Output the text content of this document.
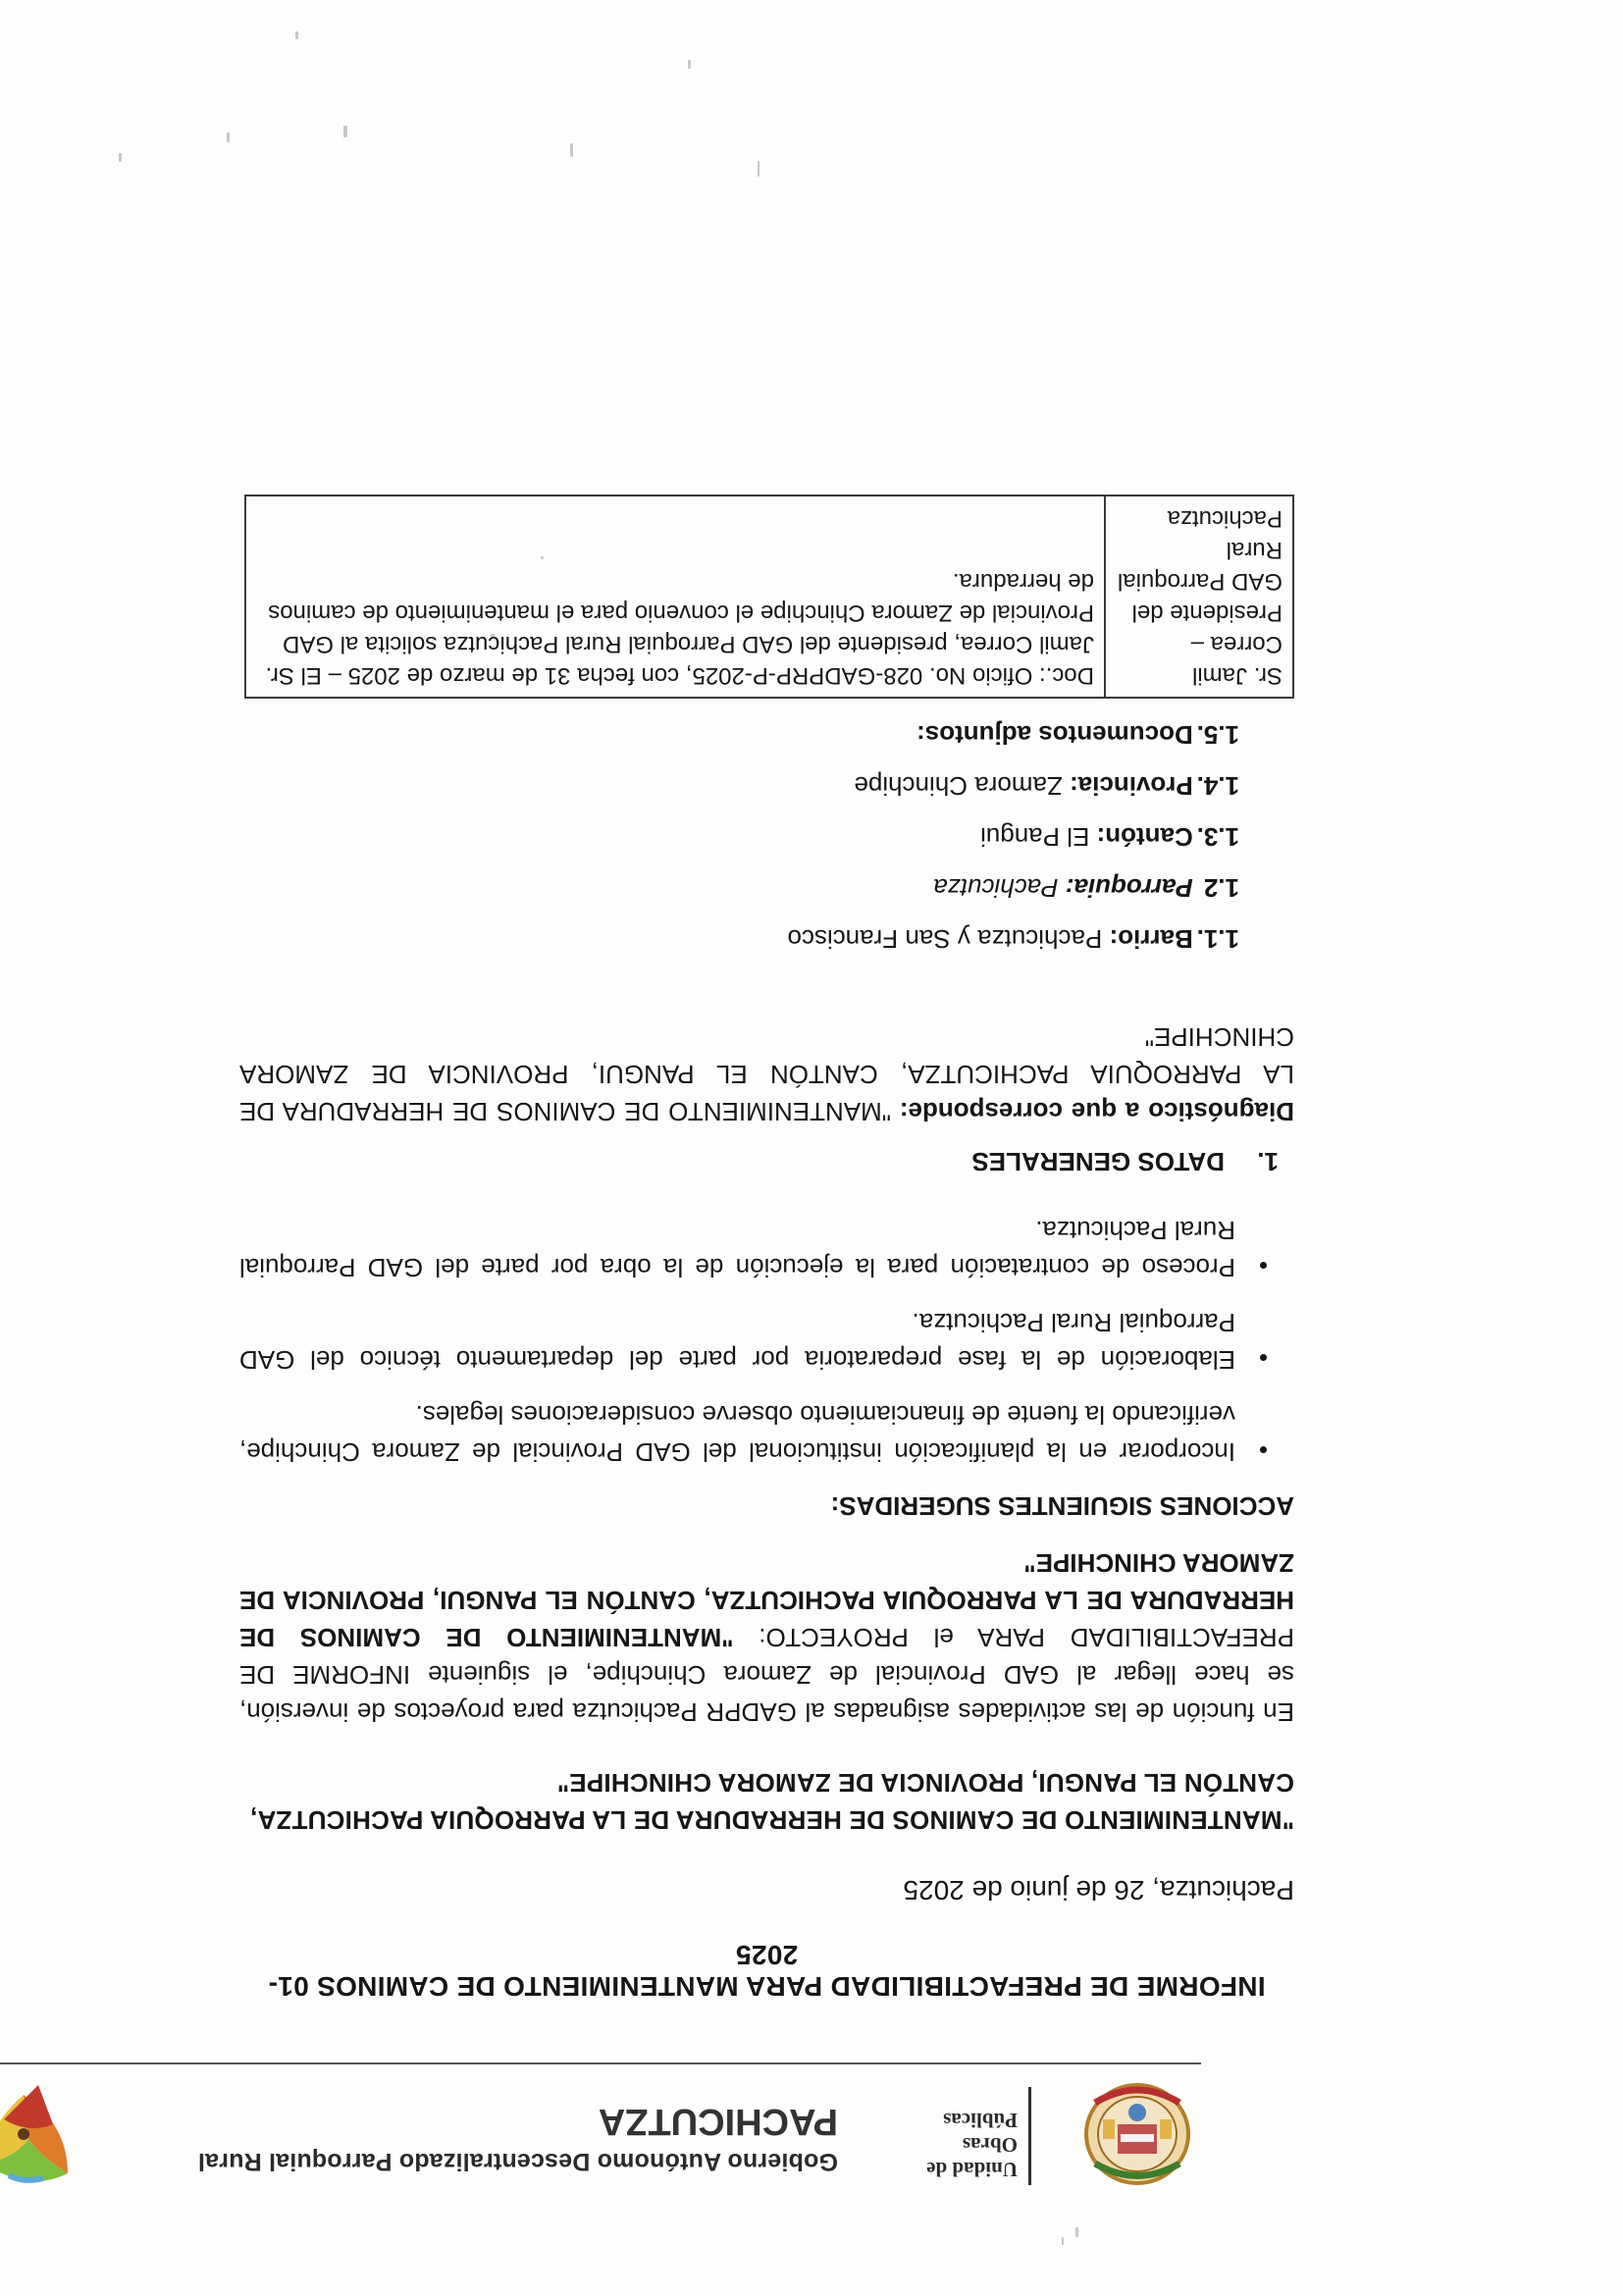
Unidad de Obras Públicas
Gobierno Autónomo Descentralizado Parroquial Rural
PACHICUTZA
INFORME DE PREFACTIBILIDAD PARA MANTENIMIENTO DE CAMINOS 01-2025
Pachicutza, 26 de junio de 2025
"MANTENIMIENTO DE CAMINOS DE HERRADURA DE LA PARROQUIA PACHICUTZA, CANTÓN EL PANGUI, PROVINCIA DE ZAMORA CHINCHIPE"
En función de las actividades asignadas al GADPR Pachicutza para proyectos de inversión, se hace llegar al GAD Provincial de Zamora Chinchipe, el siguiente INFORME DE PREFACTIBILIDAD PARA el PROYECTO: "MANTENIMIENTO DE CAMINOS DE HERRADURA DE LA PARROQUIA PACHICUTZA, CANTÓN EL PANGUI, PROVINCIA DE ZAMORA CHINCHIPE"
ACCIONES SIGUIENTES SUGERIDAS:
• Incorporar en la planificación institucional del GAD Provincial de Zamora Chinchipe, verificando la fuente de financiamiento observe consideraciones legales.
• Elaboración de la fase preparatoria por parte del departamento técnico del GAD Parroquial Rural Pachicutza.
• Proceso de contratación para la ejecución de la obra por parte del GAD Parroquial Rural Pachicutza.
1.DATOS GENERALES
Diagnóstico a que corresponde: "MANTENIMIENTO DE CAMINOS DE HERRADURA DE LA PARROQUIA PACHICUTZA, CANTÓN EL PANGUI, PROVINCIA DE ZAMORA CHINCHIPE"
1.1. Barrio: Pachicutza y San Francisco
1.2 Parroquia: Pachicutza
1.3. Cantón: El Pangui
1.4. Provincia: Zamora Chinchipe
1.5. Documentos adjuntos:
Sr. Jamil Correa – Presidente del GAD Parroquial Rural Pachicutza	Doc.: Oficio No. 028-GADPRP-P-2025, con fecha 31 de marzo de 2025 – El Sr. Jamil Correa, presidente del GAD Parroquial Rural Pachicutza solicita al GAD Provincial de Zamora Chinchipe el convenio para el mantenimiento de caminos de herradura.
